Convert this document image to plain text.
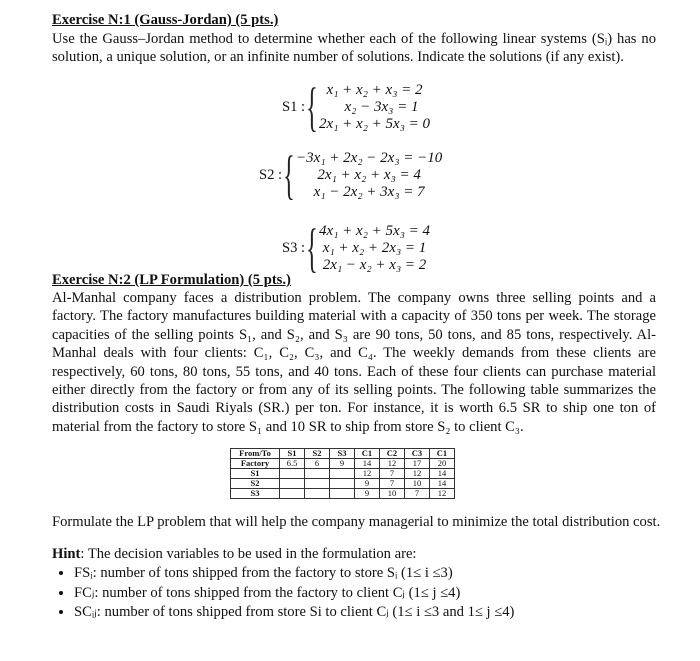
Exercise N:1 (Gauss-Jordan) (5 pts.)
Use the Gauss–Jordan method to determine whether each of the following linear systems (Sᵢ) has no solution, a unique solution, or an infinite number of solutions. Indicate the solutions (if any exist).
S1 : { x₁ + x₂ + x₃ = 2
x₂ − 3x₃ = 1
2x₁ + x₂ + 5x₃ = 0
S2 : { −3x₁ + 2x₂ − 2x₃ = −10
2x₁ + x₂ + x₃ = 4
x₁ − 2x₂ + 3x₃ = 7
S3 : { 4x₁ + x₂ + 5x₃ = 4
x₁ + x₂ + 2x₃ = 1
2x₁ − x₂ + x₃ = 2
Exercise N:2 (LP Formulation) (5 pts.)
Al-Manhal company faces a distribution problem. The company owns three selling points and a factory. The factory manufactures building material with a capacity of 350 tons per week. The storage capacities of the selling points S₁, and S₂, and S₃ are 90 tons, 50 tons, and 85 tons, respectively. Al-Manhal deals with four clients: C₁, C₂, C₃, and C₄. The weekly demands from these clients are respectively, 60 tons, 80 tons, 55 tons, and 40 tons. Each of these four clients can purchase material either directly from the factory or from any of its selling points. The following table summarizes the distribution costs in Saudi Riyals (SR.) per ton. For instance, it is worth 6.5 SR to ship one ton of material from the factory to store S₁ and 10 SR to ship from store S₂ to client C₃.
From/To	S1	S2	S3	C1	C2	C3	C1
Factory	6.5	6	9	14	12	17	20
S1				12	7	12	14
S2				9	7	10	14
S3				9	10	7	12
Formulate the LP problem that will help the company managerial to minimize the total distribution cost.
Hint: The decision variables to be used in the formulation are:
• FSᵢ: number of tons shipped from the factory to store Sᵢ (1≤ i ≤3)
• FCⱼ: number of tons shipped from the factory to client Cⱼ (1≤ j ≤4)
• SCᵢⱼ: number of tons shipped from store Si to client Cⱼ (1≤ i ≤3 and 1≤ j ≤4)
